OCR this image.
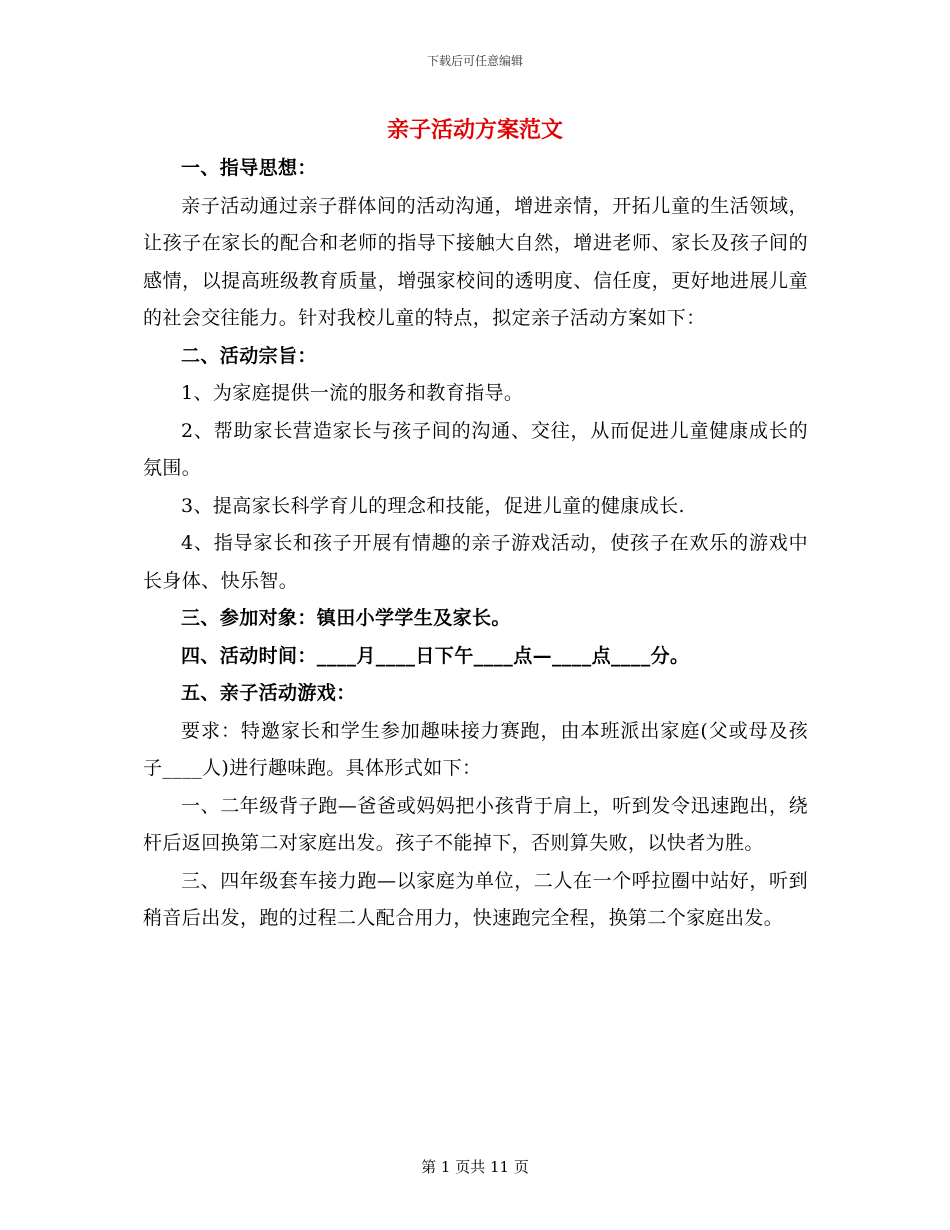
下载后可任意编辑
亲子活动方案范文

一、指导思想：

亲子活动通过亲子群体间的活动沟通，增进亲情，开拓儿童的生活领域，让孩子在家长的配合和老师的指导下接触大自然，增进老师、家长及孩子间的感情，以提高班级教育质量，增强家校间的透明度、信任度，更好地进展儿童的社会交往能力。针对我校儿童的特点，拟定亲子活动方案如下：

二、活动宗旨：

1、为家庭提供一流的服务和教育指导。

2、帮助家长营造家长与孩子间的沟通、交往，从而促进儿童健康成长的氛围。

3、提高家长科学育儿的理念和技能，促进儿童的健康成长.

4、指导家长和孩子开展有情趣的亲子游戏活动，使孩子在欢乐的游戏中长身体、快乐智。

三、参加对象：镇田小学学生及家长。

四、活动时间：____月____日下午____点—____点____分。

五、亲子活动游戏：

要求：特邀家长和学生参加趣味接力赛跑，由本班派出家庭(父或母及孩子____人)进行趣味跑。具体形式如下：

一、二年级背子跑—爸爸或妈妈把小孩背于肩上，听到发令迅速跑出，绕杆后返回换第二对家庭出发。孩子不能掉下，否则算失败，以快者为胜。

三、四年级套车接力跑—以家庭为单位，二人在一个呼拉圈中站好，听到稍音后出发，跑的过程二人配合用力，快速跑完全程，换第二个家庭出发。

第 1 页共 11 页
